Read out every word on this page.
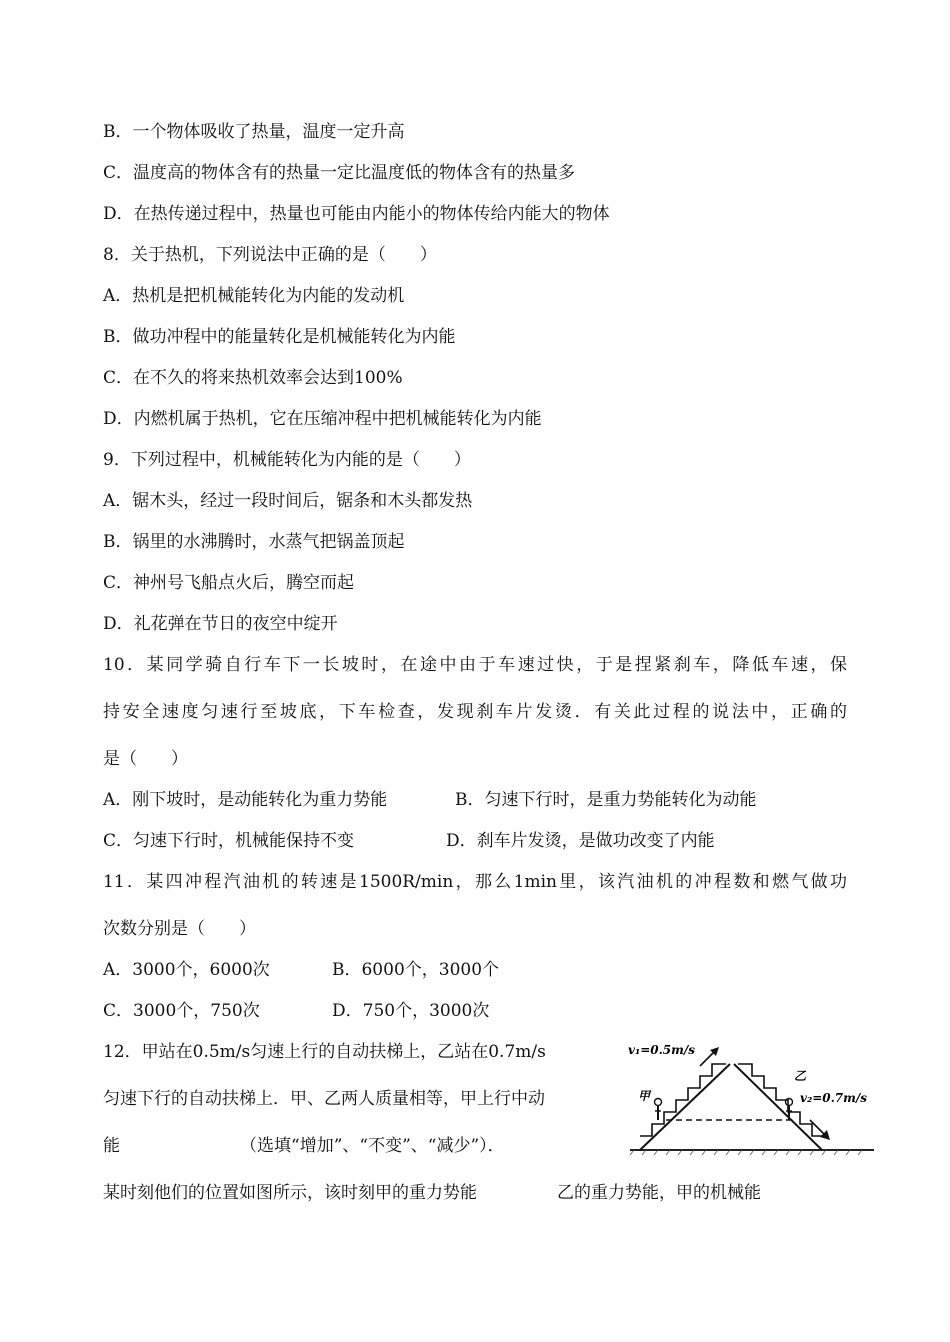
B．一个物体吸收了热量，温度一定升高
C．温度高的物体含有的热量一定比温度低的物体含有的热量多
D．在热传递过程中，热量也可能由内能小的物体传给内能大的物体
8．关于热机，下列说法中正确的是（　　）
A．热机是把机械能转化为内能的发动机
B．做功冲程中的能量转化是机械能转化为内能
C．在不久的将来热机效率会达到100%
D．内燃机属于热机，它在压缩冲程中把机械能转化为内能
9．下列过程中，机械能转化为内能的是（　　）
A．锯木头，经过一段时间后，锯条和木头都发热
B．锅里的水沸腾时，水蒸气把锅盖顶起
C．神州号飞船点火后，腾空而起
D．礼花弹在节日的夜空中绽开
10．某同学骑自行车下一长坡时，在途中由于车速过快，于是捏紧刹车，降低车速，保
持安全速度匀速行至坡底，下车检查，发现刹车片发烫．有关此过程的说法中，正确的
是（　　）
A．刚下坡时，是动能转化为重力势能	B．匀速下行时，是重力势能转化为动能
C．匀速下行时，机械能保持不变	D．刹车片发烫，是做功改变了内能
11．某四冲程汽油机的转速是1500R/min，那么1min里，该汽油机的冲程数和燃气做功
次数分别是（　　）
A．3000个，6000次	B．6000个，3000个
C．3000个，750次	D．750个，3000次
12．甲站在0.5m/s匀速上行的自动扶梯上，乙站在0.7m/s
匀速下行的自动扶梯上．甲、乙两人质量相等，甲上行中动
能	（选填“增加”、“不变”、“减少”）．
某时刻他们的位置如图所示，该时刻甲的重力势能	乙的重力势能，甲的机械能
v₁=0.5m/s
v₂=0.7m/s
甲
乙
